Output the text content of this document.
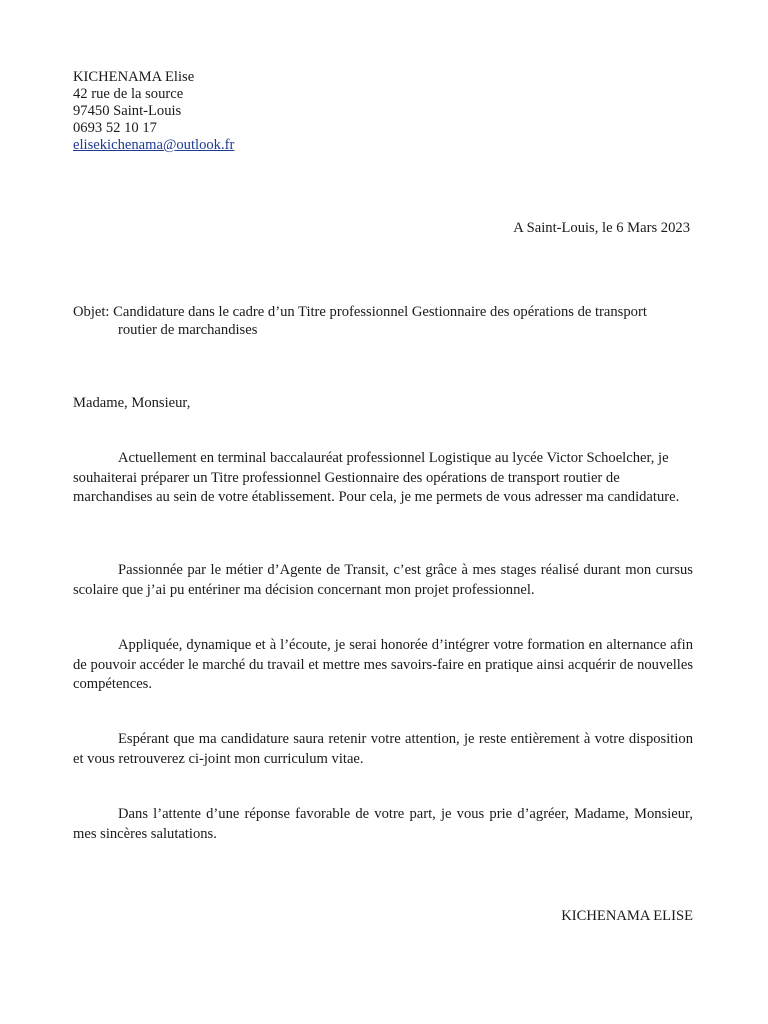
KICHENAMA Elise
42 rue de la source
97450 Saint-Louis
0693 52 10 17
elisekichenama@outlook.fr
A Saint-Louis, le 6 Mars 2023
Objet: Candidature dans le cadre d’un Titre professionnel Gestionnaire des opérations de transport
routier de marchandises
Madame, Monsieur,

Actuellement en terminal baccalauréat professionnel Logistique au lycée Victor Schoelcher, je souhaiterai préparer un Titre professionnel Gestionnaire des opérations de transport routier de marchandises au sein de votre établissement. Pour cela, je me permets de vous adresser ma candidature.

Passionnée par le métier d’Agente de Transit, c’est grâce à mes stages réalisé durant mon cursus scolaire que j’ai pu entériner ma décision concernant mon projet professionnel.

Appliquée, dynamique et à l’écoute, je serai honorée d’intégrer votre formation en alternance afin de pouvoir accéder le marché du travail et mettre mes savoirs-faire en pratique ainsi acquérir de nouvelles compétences.

Espérant que ma candidature saura retenir votre attention, je reste entièrement à votre disposition et vous retrouverez ci-joint mon curriculum vitae.

Dans l’attente d’une réponse favorable de votre part, je vous prie d’agréer, Madame, Monsieur, mes sincères salutations.

KICHENAMA ELISE
